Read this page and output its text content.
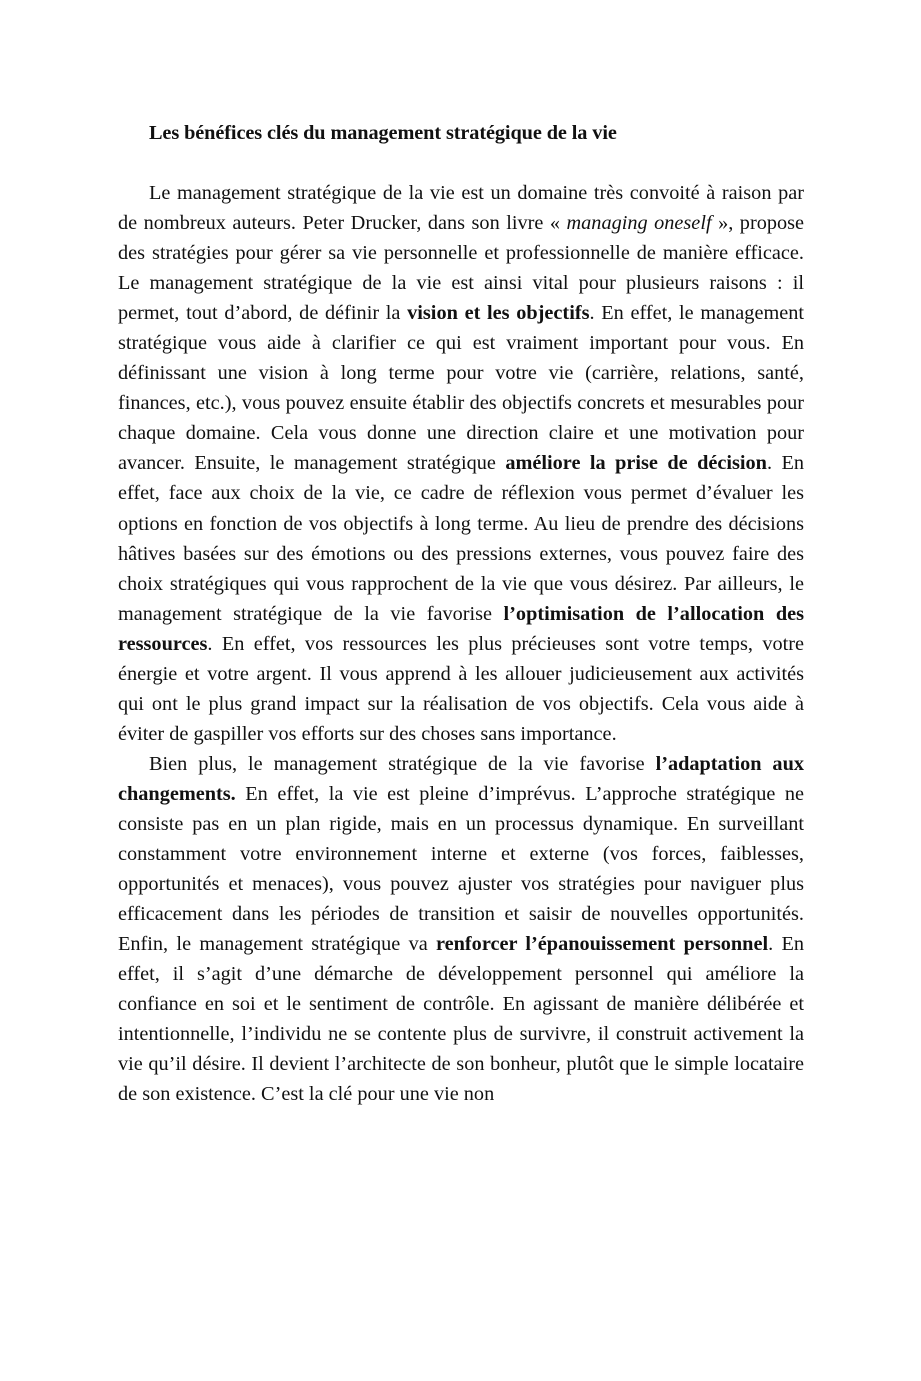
Les bénéfices clés du management stratégique de la vie

Le management stratégique de la vie est un domaine très convoité à raison par de nombreux auteurs. Peter Drucker, dans son livre « managing oneself », propose des stratégies pour gérer sa vie personnelle et professionnelle de manière efficace. Le management stratégique de la vie est ainsi vital pour plusieurs raisons : il permet, tout d’abord, de définir la vision et les objectifs. En effet, le management stratégique vous aide à clarifier ce qui est vraiment important pour vous. En définissant une vision à long terme pour votre vie (carrière, relations, santé, finances, etc.), vous pouvez ensuite établir des objectifs concrets et mesurables pour chaque domaine. Cela vous donne une direction claire et une motivation pour avancer. Ensuite, le management stratégique améliore la prise de décision. En effet, face aux choix de la vie, ce cadre de réflexion vous permet d’évaluer les options en fonction de vos objectifs à long terme. Au lieu de prendre des décisions hâtives basées sur des émotions ou des pressions externes, vous pouvez faire des choix stratégiques qui vous rapprochent de la vie que vous désirez. Par ailleurs, le management stratégique de la vie favorise l’optimisation de l’allocation des ressources. En effet, vos ressources les plus précieuses sont votre temps, votre énergie et votre argent. Il vous apprend à les allouer judicieusement aux activités qui ont le plus grand impact sur la réalisation de vos objectifs. Cela vous aide à éviter de gaspiller vos efforts sur des choses sans importance.

Bien plus, le management stratégique de la vie favorise l’adaptation aux changements. En effet, la vie est pleine d’imprévus. L’approche stratégique ne consiste pas en un plan rigide, mais en un processus dynamique. En surveillant constamment votre environnement interne et externe (vos forces, faiblesses, opportunités et menaces), vous pouvez ajuster vos stratégies pour naviguer plus efficacement dans les périodes de transition et saisir de nouvelles opportunités. Enfin, le management stratégique va renforcer l’épanouissement personnel. En effet, il s’agit d’une démarche de développement personnel qui améliore la confiance en soi et le sentiment de contrôle. En agissant de manière délibérée et intentionnelle, l’individu ne se contente plus de survivre, il construit activement la vie qu’il désire. Il devient l’architecte de son bonheur, plutôt que le simple locataire de son existence. C’est la clé pour une vie non
